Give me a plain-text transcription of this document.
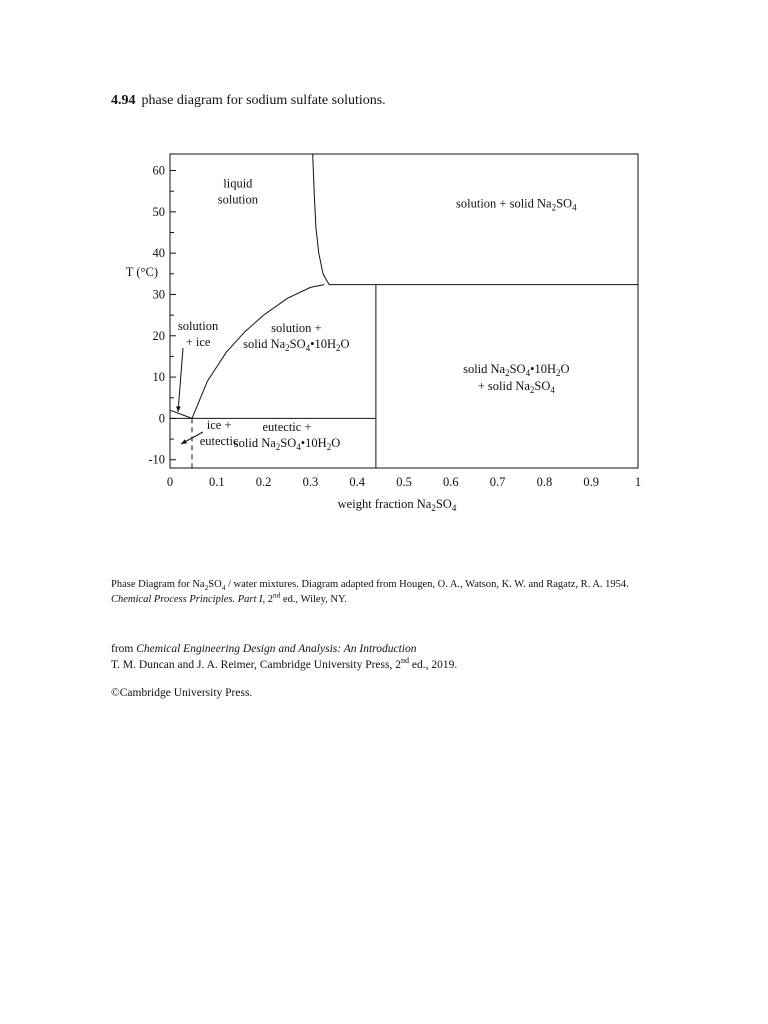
4.94 phase diagram for sodium sulfate solutions.
60
50
40
30
20
10
0
-10
0	0.1 0.2 0.3 0.4 0.5 0.6 0.7 0.8 0.9	1
liquid
solution	solution + solid $Na_2SO_4$
solution
+ ice
solution +
solid $Na_2SO_4•10H_2O$
solid $Na_2SO_4•10H_2O$
+ solid $Na_2SO_4$
ice +
eutectic
eutectic +
solid $Na_2SO_4•10H_2O$
weight fraction $Na_2SO_4$
T (°C)
Phase Diagram for $Na_2SO_4$ / water mixtures. Diagram adapted from Hougen, O. A., Watson, K. W. and Ragatz, R. A. 1954. Chemical Process Principles. Part I, 2nd ed., Wiley, NY.
from Chemical Engineering Design and Analysis: An Introduction
T. M. Duncan and J. A. Reimer, Cambridge University Press, 2nd ed., 2019.
©Cambridge University Press.
